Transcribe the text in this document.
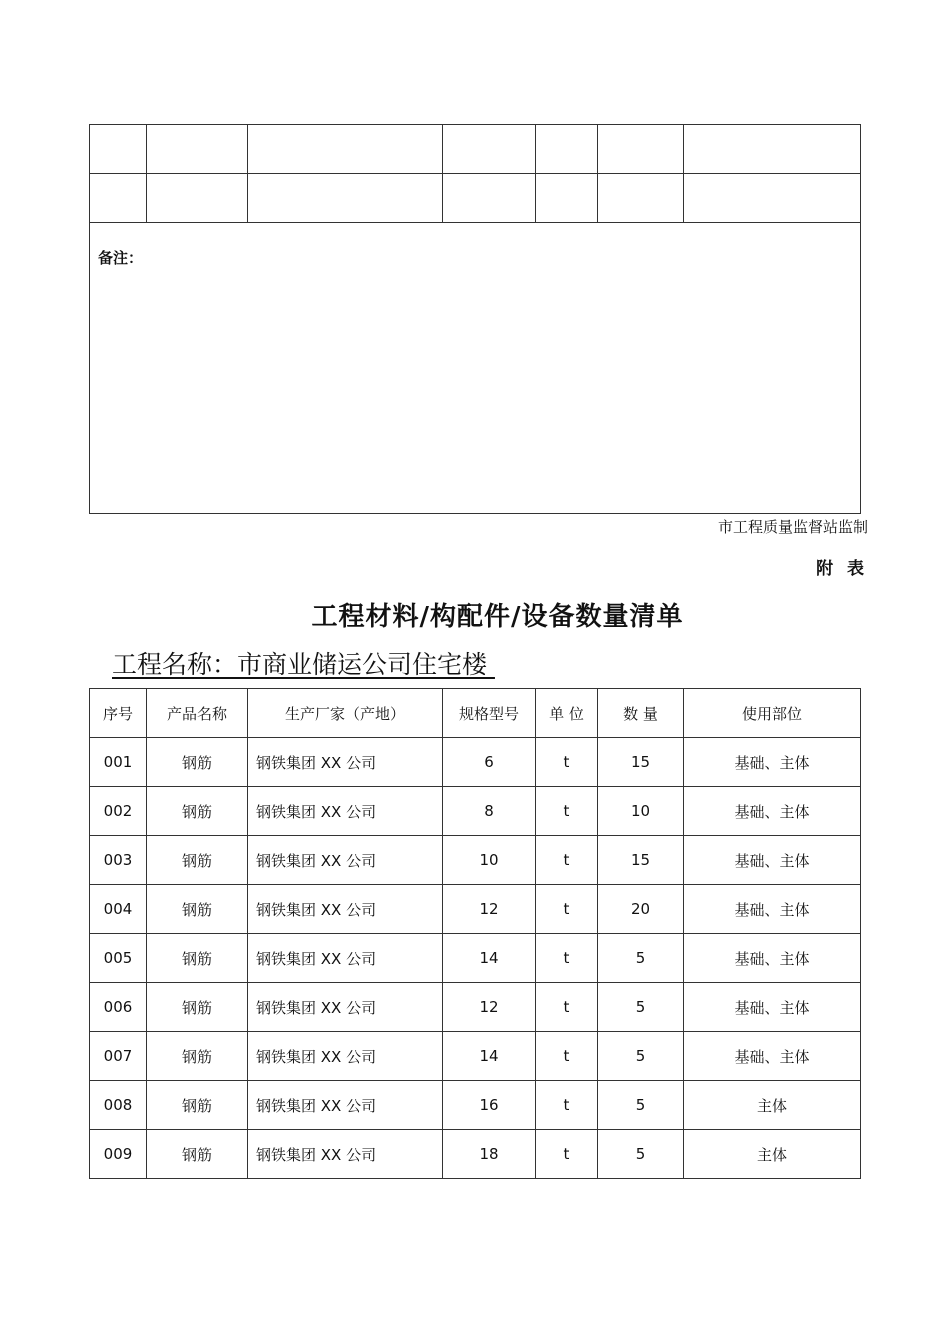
备注：						
市工程质量监督站监制
附 表
工程材料/构配件/设备数量清单
工程名称：市商业储运公司住宅楼
序号	产品名称	生产厂家（产地）	规格型号	单 位	数 量	使用部位
001	钢筋	钢铁集团 XX 公司	6	t	15	基础、主体
002	钢筋	钢铁集团 XX 公司	8	t	10	基础、主体
003	钢筋	钢铁集团 XX 公司	10	t	15	基础、主体
004	钢筋	钢铁集团 XX 公司	12	t	20	基础、主体
005	钢筋	钢铁集团 XX 公司	14	t	5	基础、主体
006	钢筋	钢铁集团 XX 公司	12	t	5	基础、主体
007	钢筋	钢铁集团 XX 公司	14	t	5	基础、主体
008	钢筋	钢铁集团 XX 公司	16	t	5	主体
009	钢筋	钢铁集团 XX 公司	18	t	5	主体
